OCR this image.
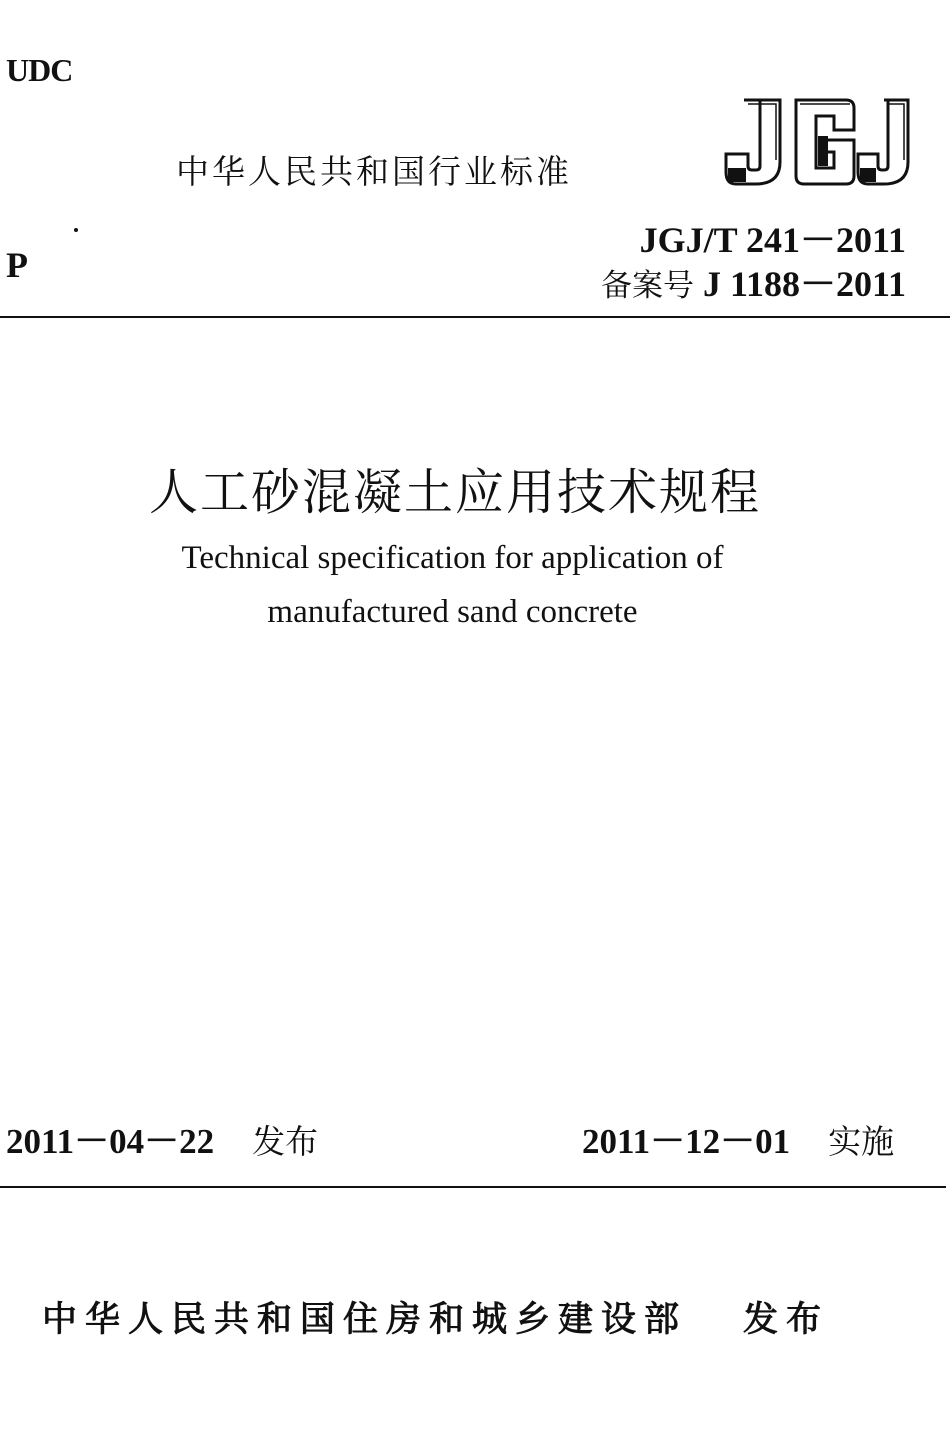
UDC
P
中华人民共和国行业标准
JGJ/T 241－2011
备案号 J 1188－2011
人工砂混凝土应用技术规程
Technical specification for application of
manufactured sand concrete
2011－04－22 发布	2011－12－01 实施
中华人民共和国住房和城乡建设部 发布
